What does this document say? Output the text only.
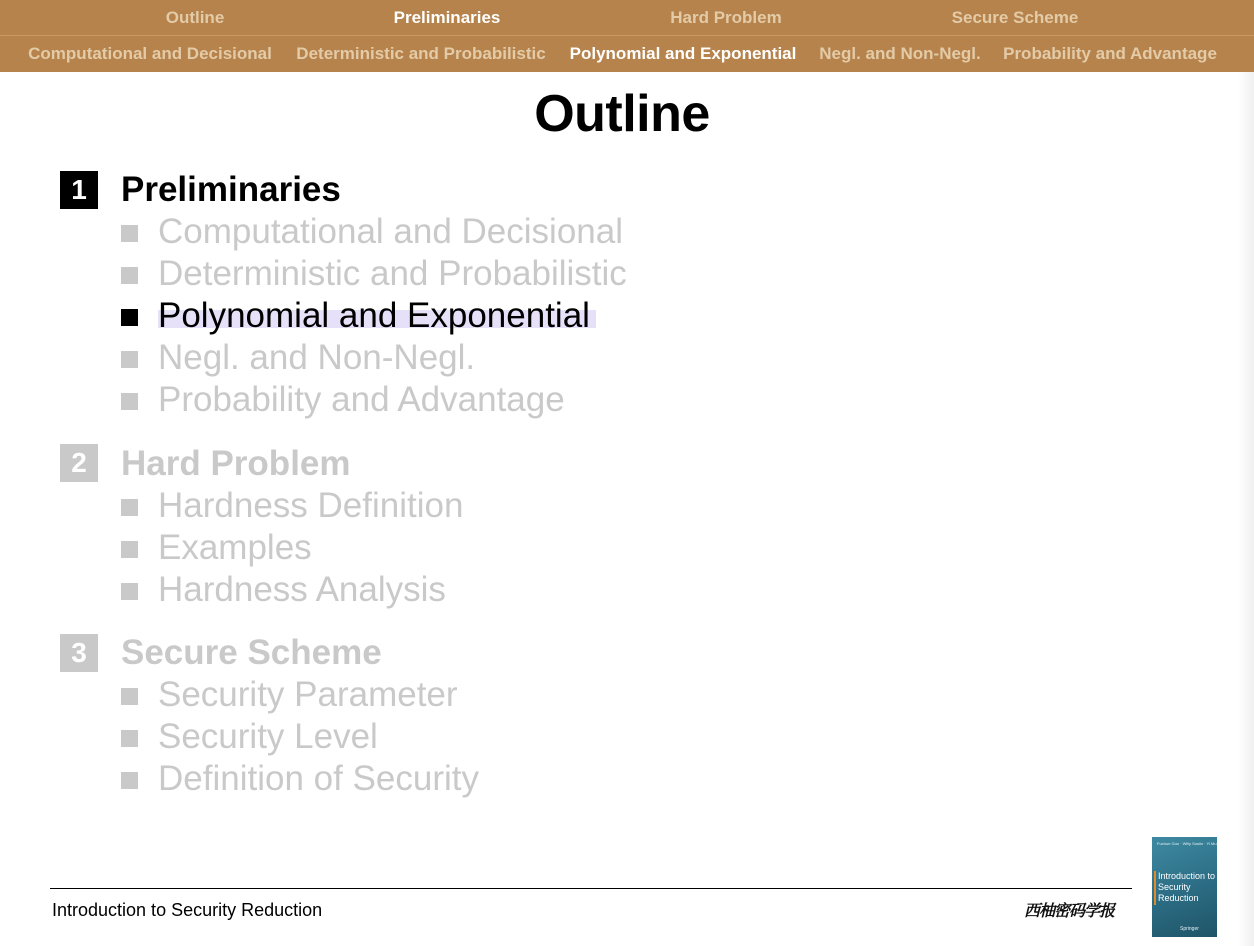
Outline	Preliminaries	Hard Problem	Secure Scheme
Computational and Decisional Deterministic and Probabilistic Polynomial and Exponential Negl. and Non-Negl. Probability and Advantage
Outline
1 Preliminaries
Computational and Decisional
Deterministic and Probabilistic
Polynomial and Exponential
Negl. and Non-Negl.
Probability and Advantage
2 Hard Problem
Hardness Definition
Examples
Hardness Analysis
3 Secure Scheme
Security Parameter
Security Level
Definition of Security
Introduction to Security Reduction	西柚密码学报
Fuchun Guo · Willy Susilo · Yi Mu
Introduction to Security Reduction
Springer
